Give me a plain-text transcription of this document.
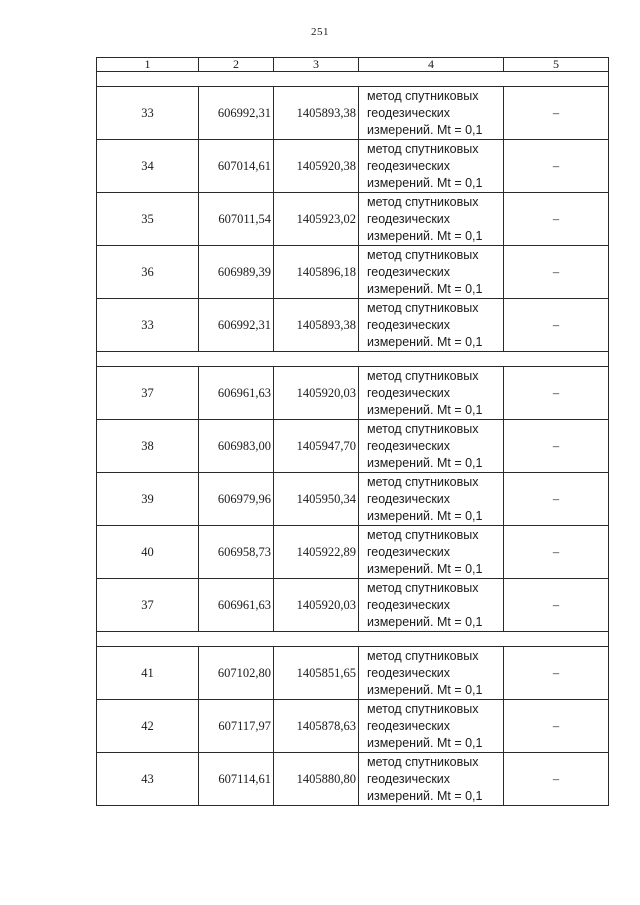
251
1	2	3	4	5

33	606992,31	1405893,38	метод спутниковых
геодезических
измерений. Mt = 0,1	–
34	607014,61	1405920,38	метод спутниковых
геодезических
измерений. Mt = 0,1	–
35	607011,54	1405923,02	метод спутниковых
геодезических
измерений. Mt = 0,1	–
36	606989,39	1405896,18	метод спутниковых
геодезических
измерений. Mt = 0,1	–
33	606992,31	1405893,38	метод спутниковых
геодезических
измерений. Mt = 0,1	–

37	606961,63	1405920,03	метод спутниковых
геодезических
измерений. Mt = 0,1	–
38	606983,00	1405947,70	метод спутниковых
геодезических
измерений. Mt = 0,1	–
39	606979,96	1405950,34	метод спутниковых
геодезических
измерений. Mt = 0,1	–
40	606958,73	1405922,89	метод спутниковых
геодезических
измерений. Mt = 0,1	–
37	606961,63	1405920,03	метод спутниковых
геодезических
измерений. Mt = 0,1	–

41	607102,80	1405851,65	метод спутниковых
геодезических
измерений. Mt = 0,1	–
42	607117,97	1405878,63	метод спутниковых
геодезических
измерений. Mt = 0,1	–
43	607114,61	1405880,80	метод спутниковых
геодезических
измерений. Mt = 0,1	–
